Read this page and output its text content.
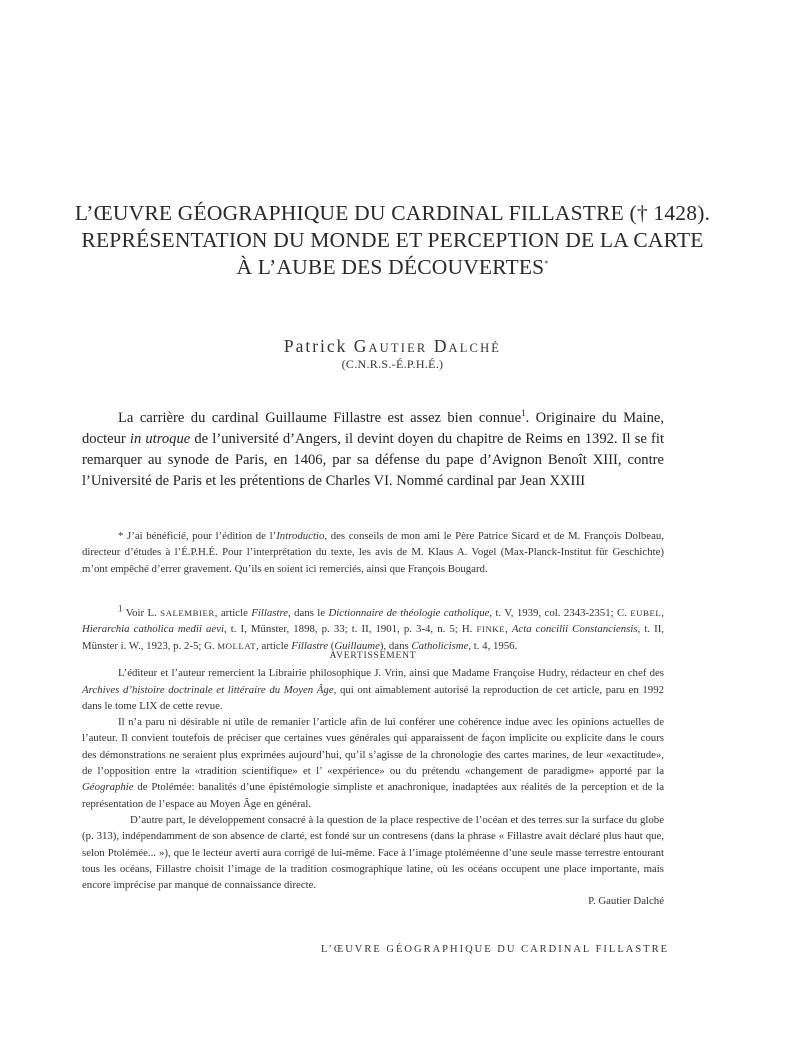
L’ŒUVRE GÉOGRAPHIQUE DU CARDINAL FILLASTRE († 1428).
REPRÉSENTATION DU MONDE ET PERCEPTION DE LA CARTE
À L’AUBE DES DÉCOUVERTES*
Patrick GAUTIER DALCHÉ
(C.N.R.S.-É.P.H.É.)

La carrière du cardinal Guillaume Fillastre est assez bien connue$^1$. Originaire du Maine, docteur in utroque de l’université d’Angers, il devint doyen du chapitre de Reims en 1392. Il se fit remarquer au synode de Paris, en 1406, par sa défense du pape d’Avignon Benoît XIII, contre l’Université de Paris et les prétentions de Charles VI. Nommé cardinal par Jean XXIII

* J’ai bénéficié, pour l’édition de l’Introductio, des conseils de mon ami le Père Patrice Sicard et de M. François Dolbeau, directeur d’études à l’É.P.H.É. Pour l’interprétation du texte, les avis de M. Klaus A. Vogel (Max-Planck-Institut für Geschichte) m’ont empêché d’errer gravement. Qu’ils en soient ici remerciés, ainsi que François Bougard.

$^1$ Voir L. SALEMBIER, article Fillastre, dans le Dictionnaire de théologie catholique, t. V, 1939, col. 2343-2351; C. EUBEL, Hierarchia catholica medii aevi, t. I, Münster, 1898, p. 33; t. II, 1901, p. 3-4, n. 5; H. FINKE, Acta concilii Constanciensis, t. II, Münster i. W., 1923, p. 2-5; G. MOLLAT, article Fillastre (Guillaume), dans Catholicisme, t. 4, 1956.

AVERTISSEMENT

L’éditeur et l’auteur remercient la Librairie philosophique J. Vrin, ainsi que Madame Françoise Hudry, rédacteur en chef des Archives d’histoire doctrinale et littéraire du Moyen Âge, qui ont aimablement autorisé la reproduction de cet article, paru en 1992 dans le tome LIX de cette revue.

Il n’a paru ni désirable ni utile de remanier l’article afin de lui conférer une cohérence indue avec les opinions actuelles de l’auteur. Il convient toutefois de préciser que certaines vues générales qui apparaissent de façon implicite ou explicite dans le cours des démonstrations ne seraient plus exprimées aujourd’hui, qu’il s’agisse de la chronologie des cartes marines, de leur «exactitude», de l’opposition entre la «tradition scientifique» et l’ «expérience» ou du prétendu «changement de paradigme» apporté par la Géographie de Ptolémée: banalités d’une épistémologie simpliste et anachronique, inadaptées aux réalités de la perception et de la représentation de l’espace au Moyen Âge en général.

D’autre part, le développement consacré à la question de la place respective de l’océan et des terres sur la surface du globe (p. 313), indépendamment de son absence de clarté, est fondé sur un contresens (dans la phrase « Fillastre avait déclaré plus haut que, selon Ptolémée... »), que le lecteur averti aura corrigé de lui-même. Face à l’image ptoléméenne d’une seule masse terrestre entourant tous les océans, Fillastre choisit l’image de la tradition cosmographique latine, où les océans occupent une place importante, mais encore imprécise par manque de connaissance directe.

P. Gautier Dalché

L’ŒUVRE GÉOGRAPHIQUE DU CARDINAL FILLASTRE
